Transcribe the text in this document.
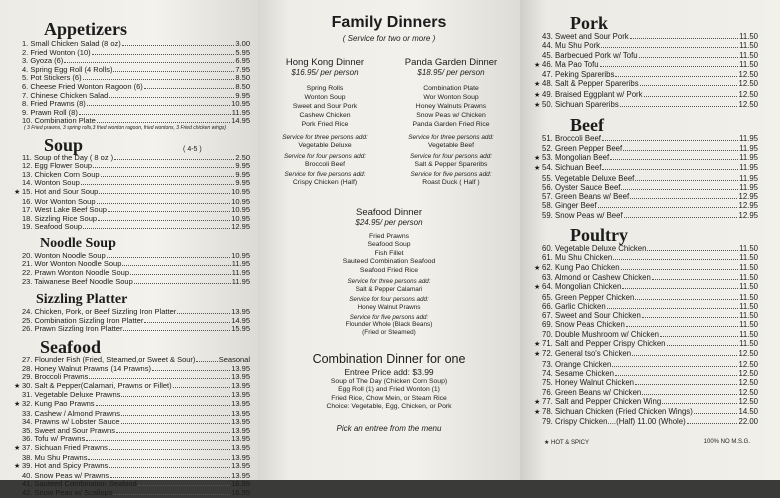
Appetizers
1. Small Chicken Salad (8 oz)	3.00
2. Fried Wonton (10)	5.95
3. Gyoza (6)	6.95
4. Spring Egg Roll (4 Rolls)	7.95
5. Pot Stickers (6)	8.50
6. Cheese Fried Wonton Ragoon (6)	8.50
7. Chinese Chicken Salad	9.95
8. Fried Prawns (8)	10.95
9. Prawn Roll (8)	11.95
10. Combination Plate	14.95
( 3 Fried prawns, 3 spring rolls,3 fried wonton ragoon, fried wontons, 3 Fried chicken wings)
Soup	( 4-5 )
11. Soup of the Day ( 8 oz )	2.50
12. Egg Flower Soup	9.95
13. Chicken Corn Soup	9.95
14. Wonton Soup	9.95
★ 15. Hot and Sour Soup	10.95
16. Wor Wonton Soup	10.95
17. West Lake Beef Soup	10.95
18. Sizzling Rice Soup	10.95
19. Seafood Soup	12.95
Noodle Soup
20. Wonton Noodle Soup	10.95
21. Wor Wonton Noodle Soup	11.95
22. Prawn Wonton Noodle Soup	11.95
23. Taiwanese Beef Noodle Soup	11.95
Sizzling Platter
24. Chicken, Pork, or Beef Sizzling Iron Platter	13.95
25. Combination Sizzling Iron Platter	14.95
26. Prawn Sizzling Iron Platter	15.95
Seafood
27. Flounder Fish (Fried, Steamed,or Sweet & Sour)	Seasonal
28. Honey Walnut Prawns (14 Prawns)	13.95
29. Broccoli Prawns	13.95
★ 30. Salt & Pepper(Calamari, Prawns or Fillet)	13.95
31. Vegetable Deluxe Prawns	13.95
★ 32. Kung Pao Prawns	13.95
33. Cashew / Almond Prawns	13.95
34. Prawns w/ Lobster Sauce	13.95
35. Sweet and Sour Prawns	13.95
36. Tofu w/ Prawns	13.95
★ 37. Sichuan Fried Prawns	13.95
38. Mu Shu Prawns	13.95
★ 39. Hot and Spicy Prawns	13.95
40. Snow Peas w/ Prawns	13.95
41. Sauteed Combination Seafood	16.95
42. Snow Peas w/ Scallops	16.95
Family Dinners
( Service for two or more )
Hong Kong Dinner
$16.95/ per person
Spring Rolls
Wonton Soup
Sweet and Sour Pork
Cashew Chicken
Pork Fried Rice
Service for three persons add:
Vegetable Deluxe
Service for four persons add:
Broccoli Beef
Service for five persons add:
Crispy Chicken (Half)
Panda Garden Dinner
$18.95/ per person
Combination Plate
Wor Wonton Soup
Honey Walnuts Prawns
Snow Peas w/ Chicken
Panda Garden Fried Rice
Service for three persons add:
Vegetable Beef
Service for four persons add:
Salt & Pepper Spareribs
Service for five persons add:
Roast Duck ( Half )
Seafood Dinner
$24.95/ per person
Fried Prawns
Seafood Soup
Fish Fillet
Sauteed Combination Seafood
Seafood Fried Rice
Service for three persons add:
Salt & Pepper Calamari
Service for four persons add:
Honey Walnut Prawns
Service for five persons add:
Flounder Whole (Black Beans)
(Fried or Steamed)
Combination Dinner for one
Entree Price add: $3.99
Soup of The Day (Chicken Corn Soup)
Egg Roll (1) and Fried Wonton (1)
Fried Rice, Chow Mein, or Steam Rice
Choice: Vegetable, Egg, Chicken, or Pork
Pick an entree from the menu
Pork
43. Sweet and Sour Pork	11.50
44. Mu Shu Pork	11.50
45. Barbecued Pork w/ Tofu	11.50
★ 46. Ma Pao Tofu	11.50
47. Peking Spareribs	12.50
★ 48. Salt & Pepper Spareribs	12.50
★ 49. Braised Eggplant w/ Pork	12.50
★ 50. Sichuan Spareribs	12.50
Beef
51. Broccoli Beef	11.95
52. Green Pepper Beef	11.95
★ 53. Mongolian Beef	11.95
★ 54. Sichuan Beef	11.95
55. Vegetable Deluxe Beef	11.95
56. Oyster Sauce Beef	11.95
57. Green Beans w/ Beef	12.95
58. Ginger Beef	12.95
59. Snow Peas w/ Beef	12.95
Poultry
60. Vegetable Deluxe Chicken	11.50
61. Mu Shu Chicken	11.50
★ 62. Kung Pao Chicken	11.50
63. Almond or Cashew Chicken	11.50
★ 64. Mongolian Chicken	11.50
65. Green Pepper Chicken	11.50
66. Garlic Chicken	11.50
67. Sweet and Sour Chicken	11.50
69. Snow Peas Chicken	11.50
70. Double Mushroom w/ Chicken	11.50
★ 71. Salt and Pepper Crispy Chicken	11.50
★ 72. General tso's Chicken	12.50
73. Orange Chicken	12.50
74. Sesame Chicken	12.50
75. Honey Walnut Chicken	12.50
76. Green Beans w/ Chicken	12.50
★ 77. Salt and Pepper Chicken Wing	12.50
★ 78. Sichuan Chicken (Fried Chicken Wings)	14.50
79. Crispy Chicken....(Half) 11.00 (Whole)	22.00
★ HOT & SPICY	100% NO M.S.G.
